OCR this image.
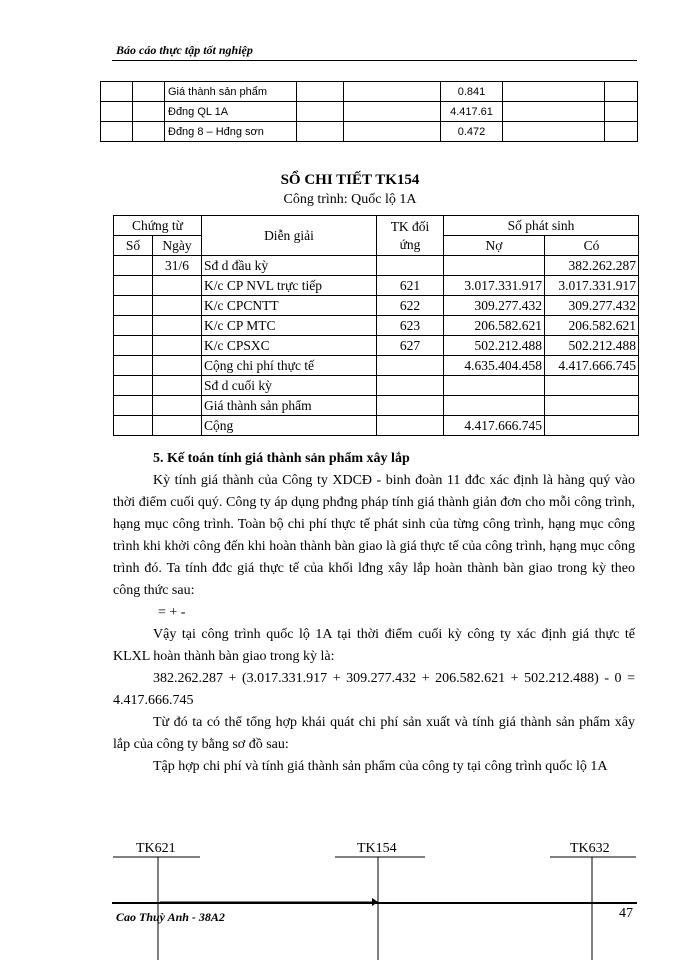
Báo cáo thực tập tốt nghiệp
		Giá thành sản phẩm			0.841		
		Đđng QL 1A			4.417.61		
		Đđng 8 – Hđng sơn			0.472		
SỔ CHI TIẾT TK154
Công trình: Quốc lộ 1A
Chứng từ		Diễn giải	TK đối ứng	Số phát sinh	
Số	Ngày			Nợ	Có
	31/6	Sđ d đầu kỳ			382.262.287
		K/c CP NVL trực tiếp	621	3.017.331.917	3.017.331.917
		K/c CPCNTT	622	309.277.432	309.277.432
		K/c CP MTC	623	206.582.621	206.582.621
		K/c CPSXC	627	502.212.488	502.212.488
		Cộng chi phí thực tế		4.635.404.458	4.417.666.745
		Sđ d cuối kỳ			
		Giá thành sản phẩm			
		Cộng		4.417.666.745	

5. Kế toán tính giá thành sản phẩm xây lắp

Kỳ tính giá thành của Công ty XDCĐ - binh đoàn 11 đđc xác định là hàng quý vào thời điểm cuối quý. Công ty áp dụng phđng pháp tính giá thành giản đơn cho mỗi công trình, hạng mục công trình. Toàn bộ chi phí thực tế phát sinh của từng công trình, hạng mục công trình khi khởi công đến khi hoàn thành bàn giao là giá thực tế của công trình, hạng mục công trình đó. Ta tính đđc giá thực tế của khối lđng xây lắp hoàn thành bàn giao trong kỳ theo công thức sau:

= + -

Vậy tại công trình quốc lộ 1A tại thời điểm cuối kỳ công ty xác định giá thực tế KLXL hoàn thành bàn giao trong kỳ là:

382.262.287 + (3.017.331.917 + 309.277.432 + 206.582.621 + 502.212.488) - 0 = 4.417.666.745

Từ đó ta có thể tổng hợp khái quát chi phí sản xuất và tính giá thành sản phẩm xây lắp của công ty bằng sơ đồ sau:

Tập hợp chi phí và tính giá thành sản phẩm của công ty tại công trình quốc lộ 1A

TK621	TK154	TK632
Cao Thuỳ Anh - 38A2	47
